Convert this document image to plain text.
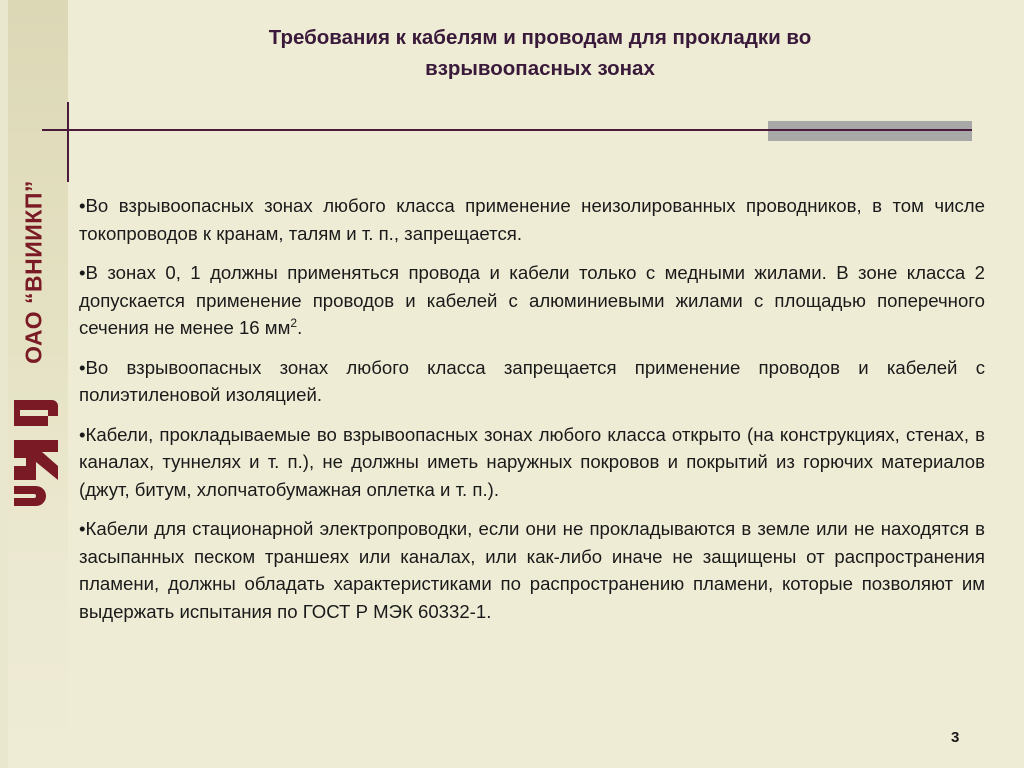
ОАО “ВНИИКП”
Требования к кабелям и проводам для прокладки во
взрывоопасных зонах

•Во взрывоопасных зонах любого класса применение неизолированных проводников, в том числе токопроводов к кранам, талям и т. п., запрещается.

•В зонах 0, 1 должны применяться провода и кабели только с медными жилами. В зоне класса 2 допускается применение проводов и кабелей с алюминиевыми жилами с площадью поперечного сечения не менее 16 $мм^2$.

•Во взрывоопасных зонах любого класса запрещается применение проводов и кабелей с полиэтиленовой изоляцией.

•Кабели, прокладываемые во взрывоопасных зонах любого класса открыто (на конструкциях, стенах, в каналах, туннелях и т. п.), не должны иметь наружных покровов и покрытий из горючих материалов (джут, битум, хлопчатобумажная оплетка и т. п.).

•Кабели для стационарной электропроводки, если они не прокладываются в земле или не находятся в засыпанных песком траншеях или каналах, или как-либо иначе не защищены от распространения пламени, должны обладать характеристиками по распространению пламени, которые позволяют им выдержать испытания по ГОСТ Р МЭК 60332-1.

3
